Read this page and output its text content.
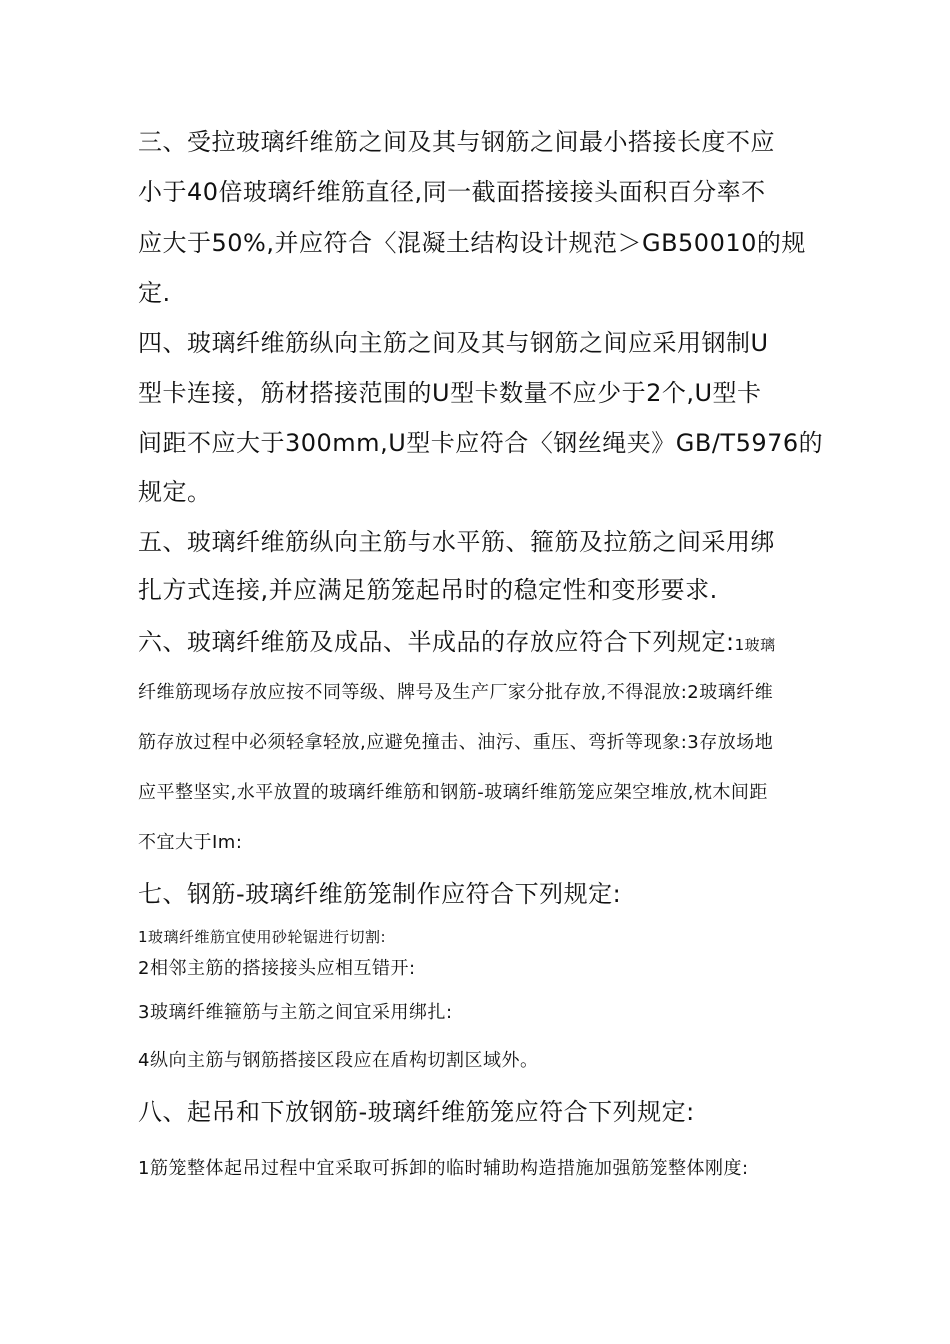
三、受拉玻璃纤维筋之间及其与钢筋之间最小搭接长度不应
小于40倍玻璃纤维筋直径,同一截面搭接接头面积百分率不
应大于50%,并应符合〈混凝土结构设计规范＞GB50010的规
定.
四、玻璃纤维筋纵向主筋之间及其与钢筋之间应采用钢制U
型卡连接，筋材搭接范围的U型卡数量不应少于2个,U型卡
间距不应大于300mm,U型卡应符合〈钢丝绳夹》GB/T5976的
规定。
五、玻璃纤维筋纵向主筋与水平筋、箍筋及拉筋之间采用绑
扎方式连接,并应满足筋笼起吊时的稳定性和变形要求.
六、玻璃纤维筋及成品、半成品的存放应符合下列规定:1玻璃
纤维筋现场存放应按不同等级、牌号及生产厂家分批存放,不得混放:2玻璃纤维
筋存放过程中必须轻拿轻放,应避免撞击、油污、重压、弯折等现象:3存放场地
应平整坚实,水平放置的玻璃纤维筋和钢筋-玻璃纤维筋笼应架空堆放,枕木间距
不宜大于Im:
七、钢筋-玻璃纤维筋笼制作应符合下列规定:
1玻璃纤维筋宜使用砂轮锯进行切割:
2相邻主筋的搭接接头应相互错开:
3玻璃纤维箍筋与主筋之间宜采用绑扎:
4纵向主筋与钢筋搭接区段应在盾构切割区域外。
八、起吊和下放钢筋-玻璃纤维筋笼应符合下列规定:
1筋笼整体起吊过程中宜采取可拆卸的临时辅助构造措施加强筋笼整体刚度:
